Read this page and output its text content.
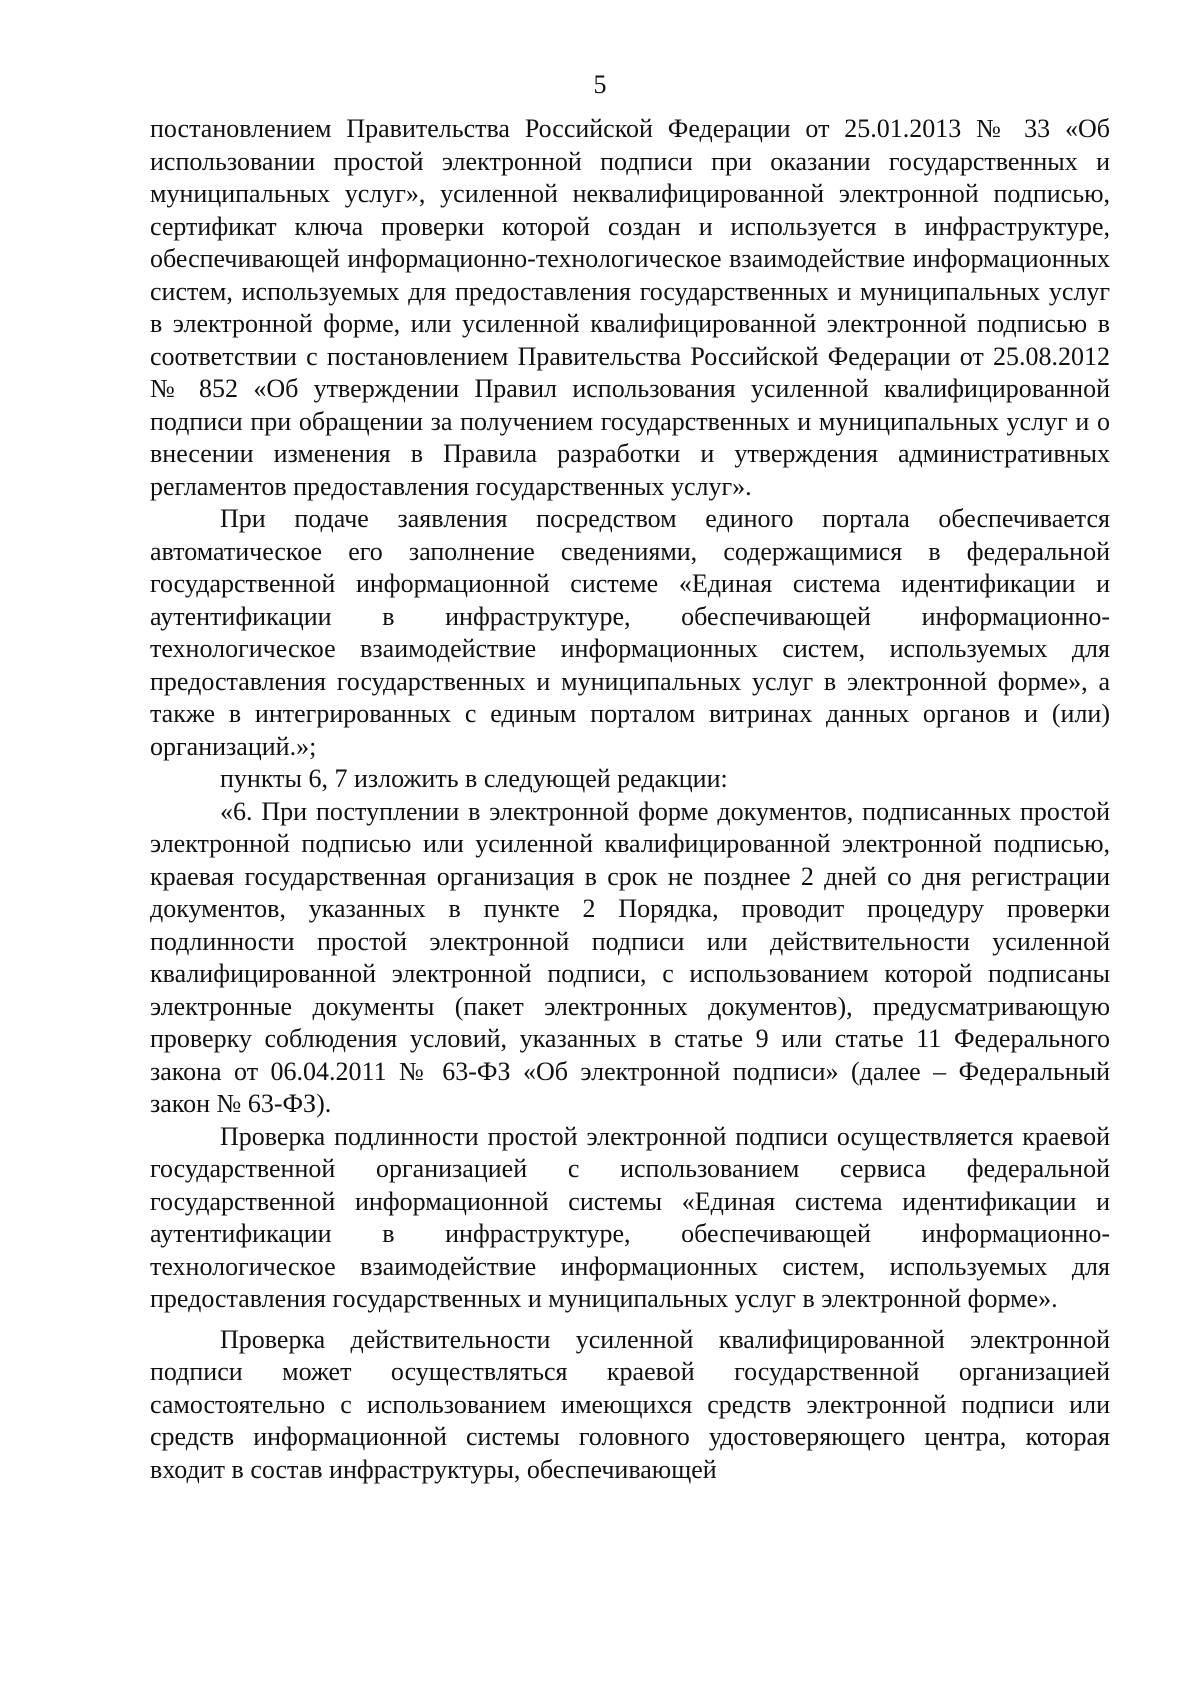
5

постановлением Правительства Российской Федерации от 25.01.2013 № 33 «Об использовании простой электронной подписи при оказании государственных и муниципальных услуг», усиленной неквалифицированной электронной подписью, сертификат ключа проверки которой создан и используется в инфраструктуре, обеспечивающей информационно-технологическое взаимодействие информационных систем, используемых для предоставления государственных и муниципальных услуг в электронной форме, или усиленной квалифицированной электронной подписью в соответствии с постановлением Правительства Российской Федерации от 25.08.2012 № 852 «Об утверждении Правил использования усиленной квалифицированной подписи при обращении за получением государственных и муниципальных услуг и о внесении изменения в Правила разработки и утверждения административных регламентов предоставления государственных услуг».

При подаче заявления посредством единого портала обеспечивается автоматическое его заполнение сведениями, содержащимися в федеральной государственной информационной системе «Единая система идентификации и аутентификации в инфраструктуре, обеспечивающей информационно-технологическое взаимодействие информационных систем, используемых для предоставления государственных и муниципальных услуг в электронной форме», а также в интегрированных с единым порталом витринах данных органов и (или) организаций.»;

пункты 6, 7 изложить в следующей редакции:

«6. При поступлении в электронной форме документов, подписанных простой электронной подписью или усиленной квалифицированной электронной подписью, краевая государственная организация в срок не позднее 2 дней со дня регистрации документов, указанных в пункте 2 Порядка, проводит процедуру проверки подлинности простой электронной подписи или действительности усиленной квалифицированной электронной подписи, с использованием которой подписаны электронные документы (пакет электронных документов), предусматривающую проверку соблюдения условий, указанных в статье 9 или статье 11 Федерального закона от 06.04.2011 № 63-ФЗ «Об электронной подписи» (далее – Федеральный закон № 63-ФЗ).

Проверка подлинности простой электронной подписи осуществляется краевой государственной организацией с использованием сервиса федеральной государственной информационной системы «Единая система идентификации и аутентификации в инфраструктуре, обеспечивающей информационно-технологическое взаимодействие информационных систем, используемых для предоставления государственных и муниципальных услуг в электронной форме».

Проверка действительности усиленной квалифицированной электронной подписи может осуществляться краевой государственной организацией самостоятельно с использованием имеющихся средств электронной подписи или средств информационной системы головного удостоверяющего центра, которая входит в состав инфраструктуры, обеспечивающей
